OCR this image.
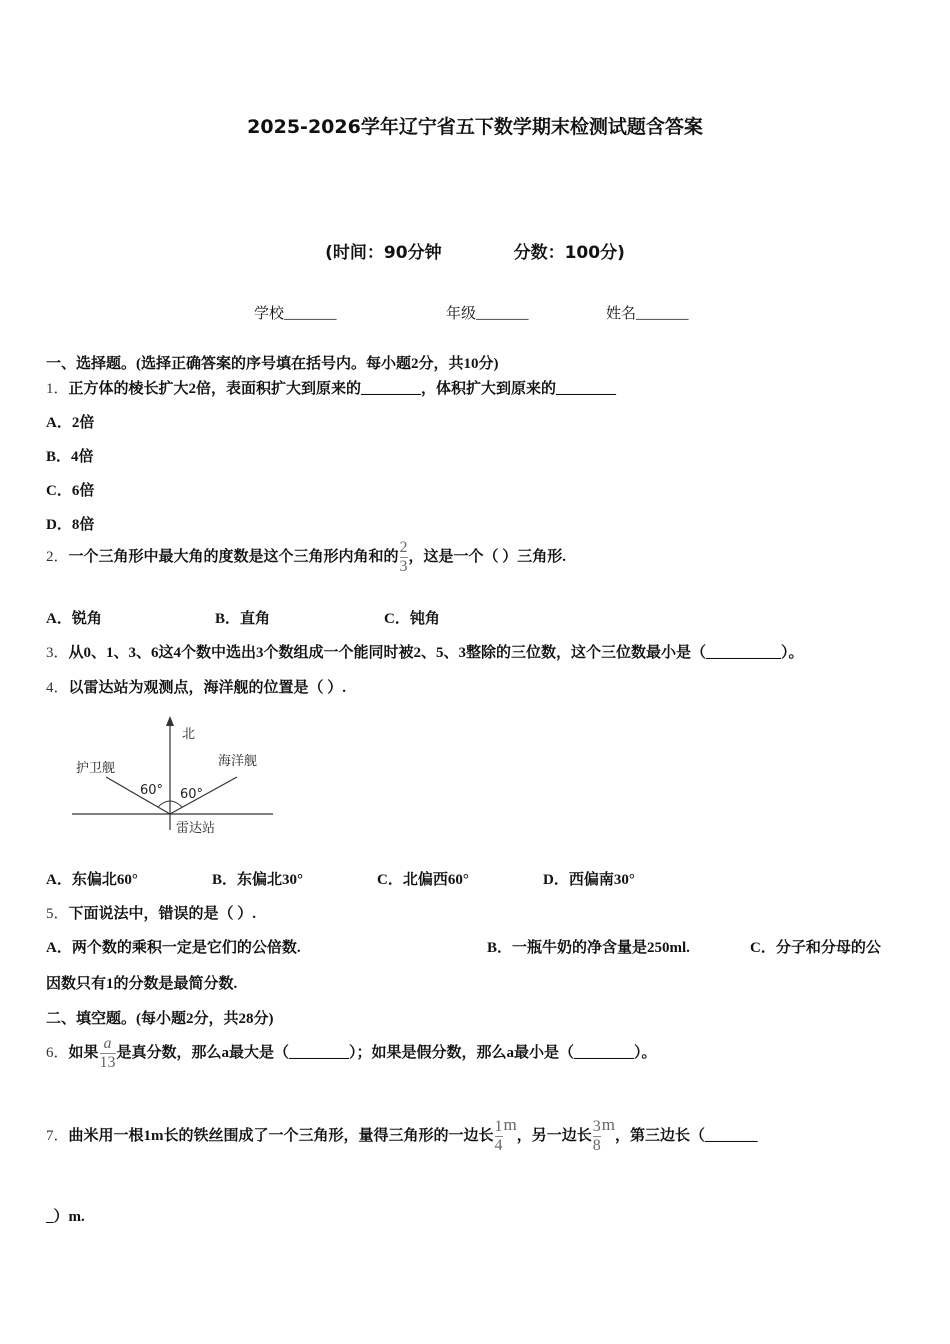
2025-2026学年辽宁省五下数学期末检测试题含答案
(时间：90分钟	分数：100分)
学校_______	年级_______	姓名_______
一、选择题。(选择正确答案的序号填在括号内。每小题2分，共10分)
1．正方体的棱长扩大2倍，表面积扩大到原来的________，体积扩大到原来的________
A．2倍
B．4倍
C．6倍
D．8倍
2．一个三角形中最大角的度数是这个三角形内角和的 $\frac{2}{3}$ ，这是一个（ ）三角形.
A．锐角	B．直角	C．钝角
3．从0、1、3、6这4个数中选出3个数组成一个能同时被2、5、3整除的三位数，这个三位数最小是（__________）。
4．以雷达站为观测点，海洋舰的位置是（ ）.
北
护卫舰	海洋舰
60° 60°
雷达站
A．东偏北60°	B．东偏北30°	C．北偏西60°	D．西偏南30°
5．下面说法中，错误的是（ ）.
A．两个数的乘积一定是它们的公倍数.	B．一瓶牛奶的净含量是250ml.	C．分子和分母的公
因数只有1的分数是最简分数.
二、填空题。(每小题2分，共28分)
6．如果 $\frac{a}{13}$ 是真分数，那么a最大是（________）；如果是假分数，那么a最小是（________）。
7．曲米用一根1m长的铁丝围成了一个三角形，量得三角形的一边长 $\frac{1}{4}$ m，另一边长 $\frac{3}{8}$ m，第三边长（_______
_）m.
